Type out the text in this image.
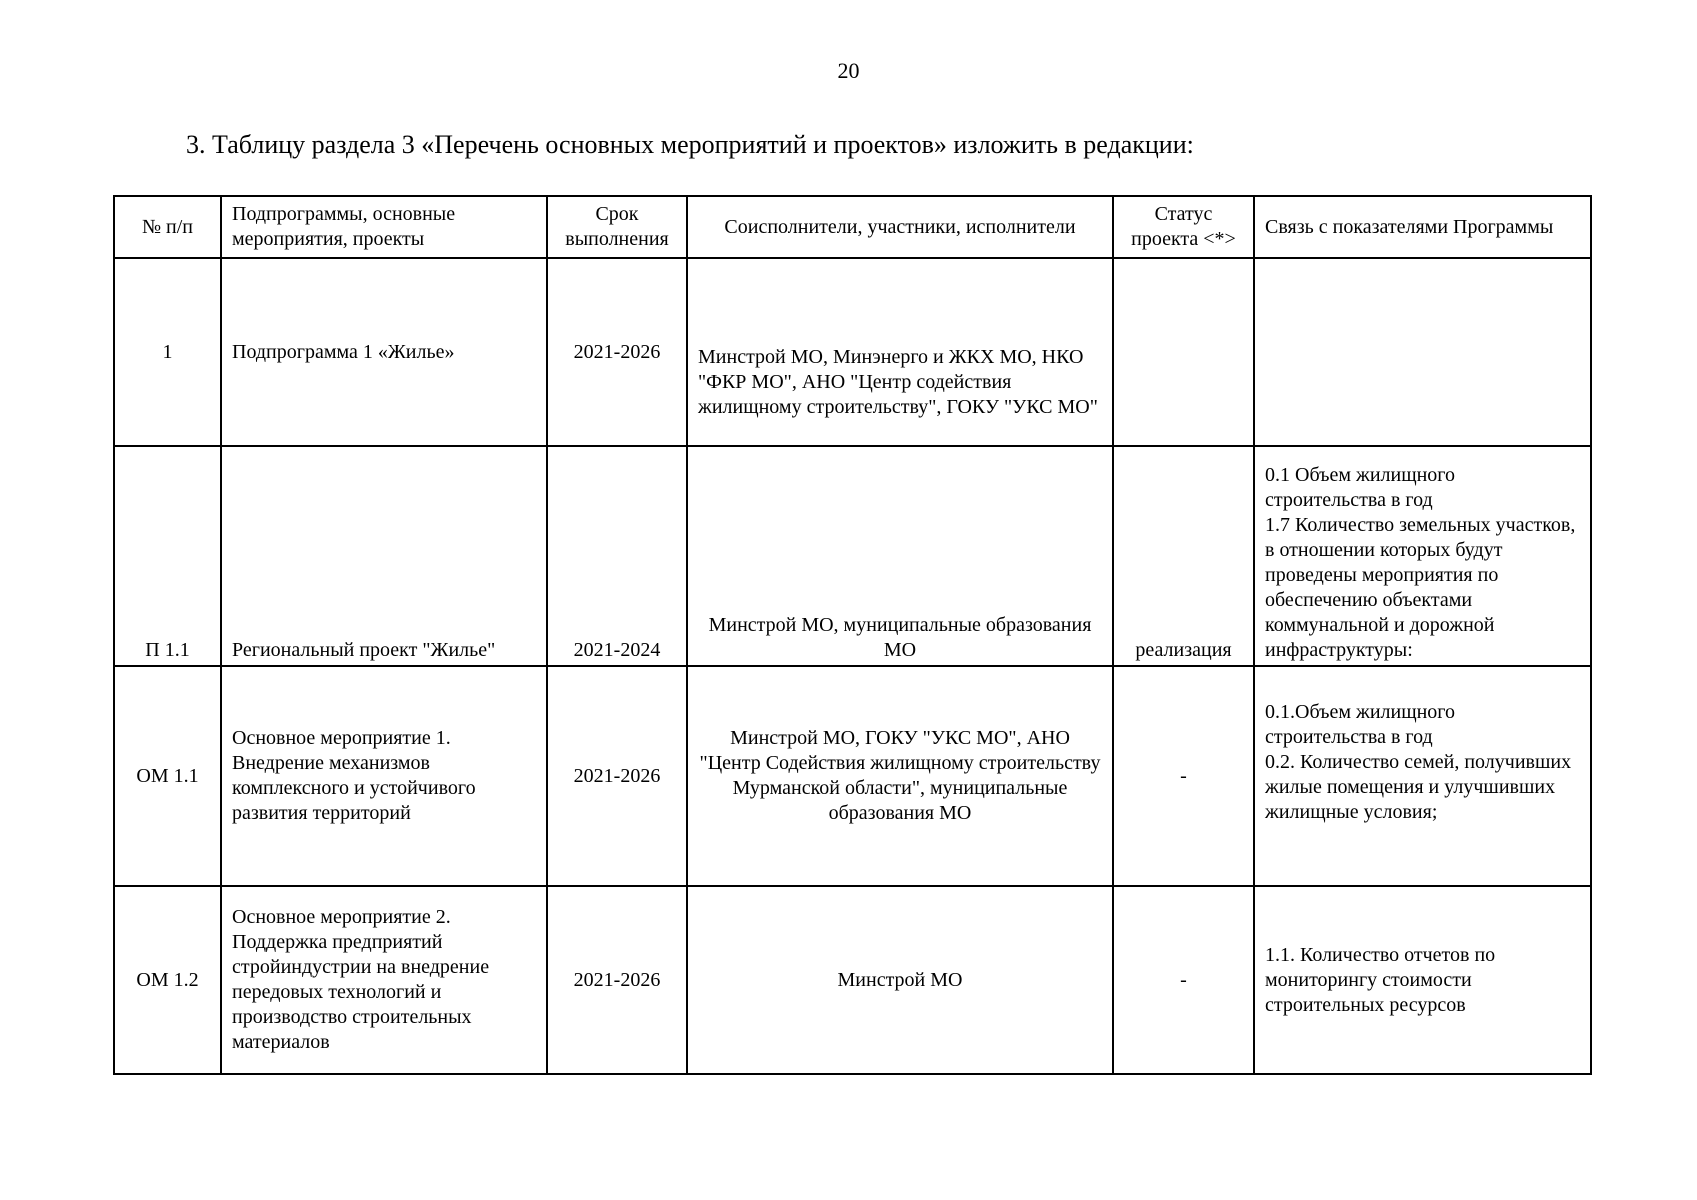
20
3. Таблицу раздела 3 «Перечень основных мероприятий и проектов» изложить в редакции:
№ п/п	Подпрограммы, основные мероприятия, проекты	Срок выполнения	Соисполнители, участники, исполнители	Статус проекта <*>	Связь с показателями Программы
1	Подпрограмма 1 «Жилье»	2021-2026	Минстрой МО, Минэнерго и ЖКХ МО, НКО "ФКР МО", АНО "Центр содействия жилищному строительству", ГОКУ "УКС МО"		
П 1.1	Региональный проект "Жилье"	2021-2024	Минстрой МО, муниципальные образования МО	реализация	0.1 Объем жилищного строительства в год
1.7 Количество земельных участков, в отношении которых будут проведены мероприятия по обеспечению объектами коммунальной и дорожной инфраструктуры:
ОМ 1.1	Основное мероприятие 1. Внедрение механизмов комплексного и устойчивого развития территорий	2021-2026	Минстрой МО, ГОКУ "УКС МО", АНО "Центр Содействия жилищному строительству Мурманской области", муниципальные образования МО	-	0.1.Объем жилищного строительства в год
0.2. Количество семей, получивших жилые помещения и улучшивших жилищные условия;
ОМ 1.2	Основное мероприятие 2. Поддержка предприятий стройиндустрии на внедрение передовых технологий и производство строительных материалов	2021-2026	Минстрой МО	-	1.1. Количество отчетов по мониторингу стоимости строительных ресурсов
